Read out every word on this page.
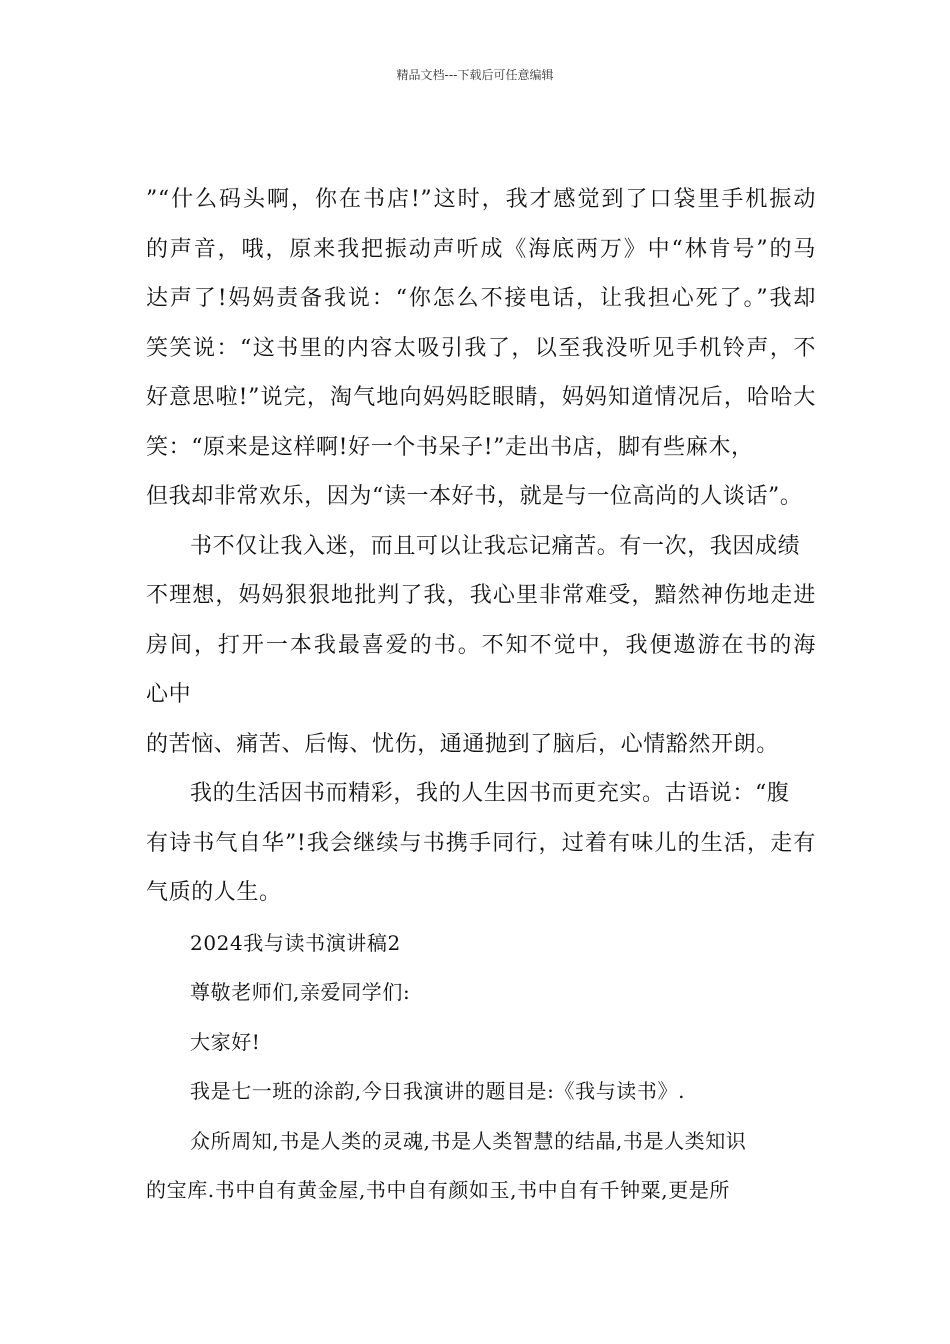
精品文档---下载后可任意编辑
”“什么码头啊，你在书店!”这时，我才感觉到了口袋里手机振动
的声音，哦，原来我把振动声听成《海底两万》中“林肯号”的马
达声了!妈妈责备我说：“你怎么不接电话，让我担心死了。”我却
笑笑说：“这书里的内容太吸引我了，以至我没听见手机铃声，不
好意思啦!”说完，淘气地向妈妈眨眼睛，妈妈知道情况后，哈哈大
笑：“原来是这样啊!好一个书呆子!”走出书店，脚有些麻木，
但我却非常欢乐，因为“读一本好书，就是与一位高尚的人谈话”。
书不仅让我入迷，而且可以让我忘记痛苦。有一次，我因成绩
不理想，妈妈狠狠地批判了我，我心里非常难受，黯然神伤地走进
房间，打开一本我最喜爱的书。不知不觉中，我便遨游在书的海
心中
的苦恼、痛苦、后悔、忧伤，通通抛到了脑后，心情豁然开朗。
我的生活因书而精彩，我的人生因书而更充实。古语说：“腹
有诗书气自华”!我会继续与书携手同行，过着有味儿的生活，走有
气质的人生。
2024我与读书演讲稿2
尊敬老师们,亲爱同学们:
大家好!
我是七一班的涂韵,今日我演讲的题目是:《我与读书》.
众所周知,书是人类的灵魂,书是人类智慧的结晶,书是人类知识
的宝库.书中自有黄金屋,书中自有颜如玉,书中自有千钟粟,更是所
